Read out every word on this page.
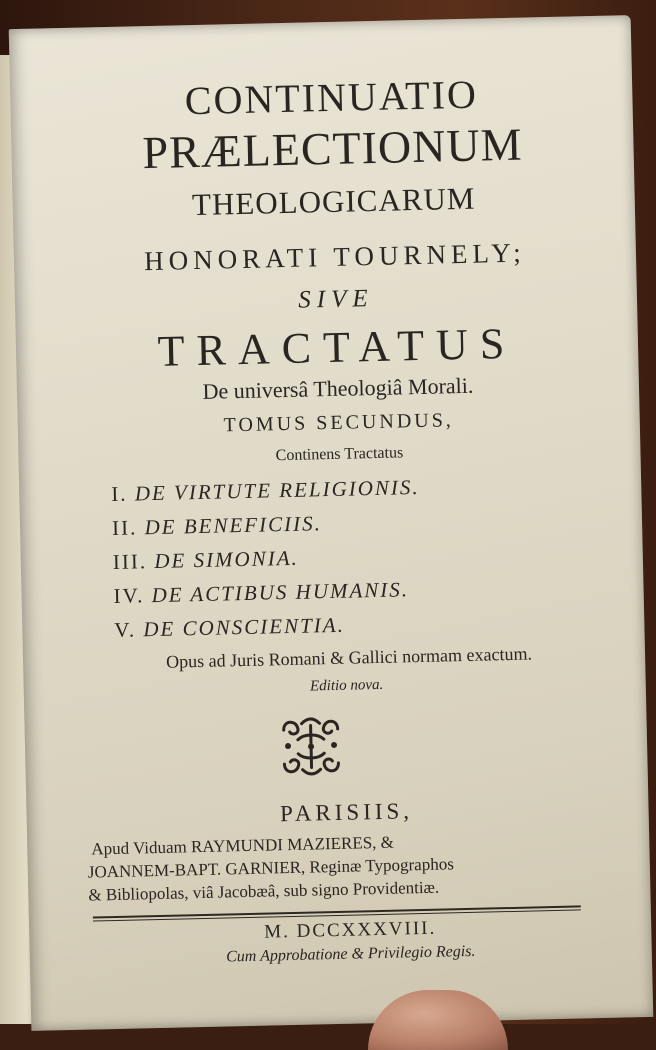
CONTINUATIO
PRÆLECTIONUM
THEOLOGICARUM
HONORATI TOURNELY;
SIVE
TRACTATUS
De universâ Theologiâ Morali.
TOMUS SECUNDUS,
Continens Tractatus
I. DE VIRTUTE RELIGIONIS.
II. DE BENEFICIIS.
III. DE SIMONIA.
IV. DE ACTIBUS HUMANIS.
V. DE CONSCIENTIA.
Opus ad Juris Romani & Gallici normam exactum.
Editio nova.
PARISIIS,
Apud Viduam RAYMUNDI MAZIERES, &
JOANNEM-BAPT. GARNIER, Reginæ Typographos
& Bibliopolas, viâ Jacobæâ, sub signo Providentiæ.
M. DCCXXXVIII.
Cum Approbatione & Privilegio Regis.
